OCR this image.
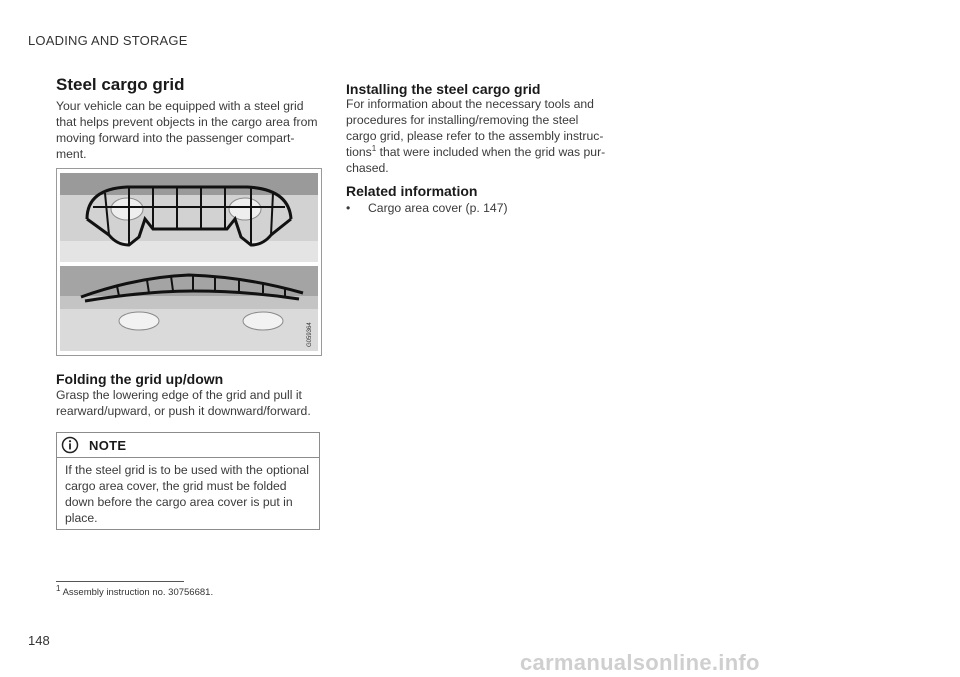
LOADING AND STORAGE
Steel cargo grid

Your vehicle can be equipped with a steel grid

that helps prevent objects in the cargo area from

moving forward into the passenger compart-

ment.

G059364
Folding the grid up/down

Grasp the lowering edge of the grid and pull it

rearward/upward, or push it downward/forward.

NOTE

If the steel grid is to be used with the optional

cargo area cover, the grid must be folded

down before the cargo area cover is put in

place.

Installing the steel cargo grid

For information about the necessary tools and

procedures for installing/removing the steel

cargo grid, please refer to the assembly instruc-

tions$^1$ that were included when the grid was pur-

chased.

Related information
• Cargo area cover (p. 147)
$^1$ Assembly instruction no. 30756681.
148
carmanualsonline.info
